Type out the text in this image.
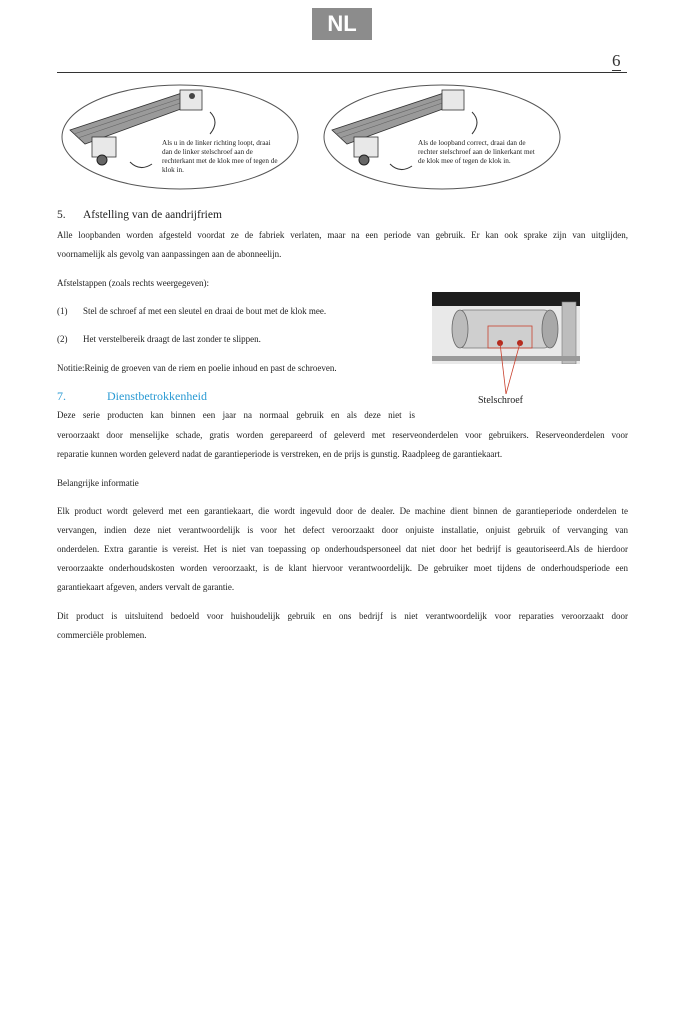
NL
6
Als u in de linker richting loopt, draai dan de linker stelschroef aan de rechterkant met de klok mee of tegen de klok in.
Als de loopband correct, draai dan de rechter stelschroef aan de linkerkant met de klok mee of tegen de klok in.
5. Afstelling van de aandrijfriem
Alle loopbanden worden afgesteld voordat ze de fabriek verlaten, maar na een periode van gebruik. Er kan ook sprake zijn van uitglijden,
voornamelijk als gevolg van aanpassingen aan de abonneelijn.
Afstelstappen (zoals rechts weergegeven):
(1) Stel de schroef af met een sleutel en draai de bout met de klok mee.
(2) Het verstelbereik draagt de last zonder te slippen.
Notitie:Reinig de groeven van de riem en poelie inhoud en past de schroeven.
Stelschroef
7.	Dienstbetrokkenheid
Deze serie producten kan binnen een jaar na normaal gebruik en als deze niet is
veroorzaakt door menselijke schade, gratis worden gerepareerd of geleverd met reserveonderdelen voor gebruikers. Reserveonderdelen voor
reparatie kunnen worden geleverd nadat de garantieperiode is verstreken, en de prijs is gunstig. Raadpleeg de garantiekaart.
Belangrijke informatie
Elk product wordt geleverd met een garantiekaart, die wordt ingevuld door de dealer. De machine dient binnen de garantieperiode onderdelen te
vervangen, indien deze niet verantwoordelijk is voor het defect veroorzaakt door onjuiste installatie, onjuist gebruik of vervanging van
onderdelen. Extra garantie is vereist. Het is niet van toepassing op onderhoudspersoneel dat niet door het bedrijf is geautoriseerd.Als de hierdoor
veroorzaakte onderhoudskosten worden veroorzaakt, is de klant hiervoor verantwoordelijk. De gebruiker moet tijdens de onderhoudsperiode een
garantiekaart afgeven, anders vervalt de garantie.
Dit product is uitsluitend bedoeld voor huishoudelijk gebruik en ons bedrijf is niet verantwoordelijk voor reparaties veroorzaakt door
commerciële problemen.
